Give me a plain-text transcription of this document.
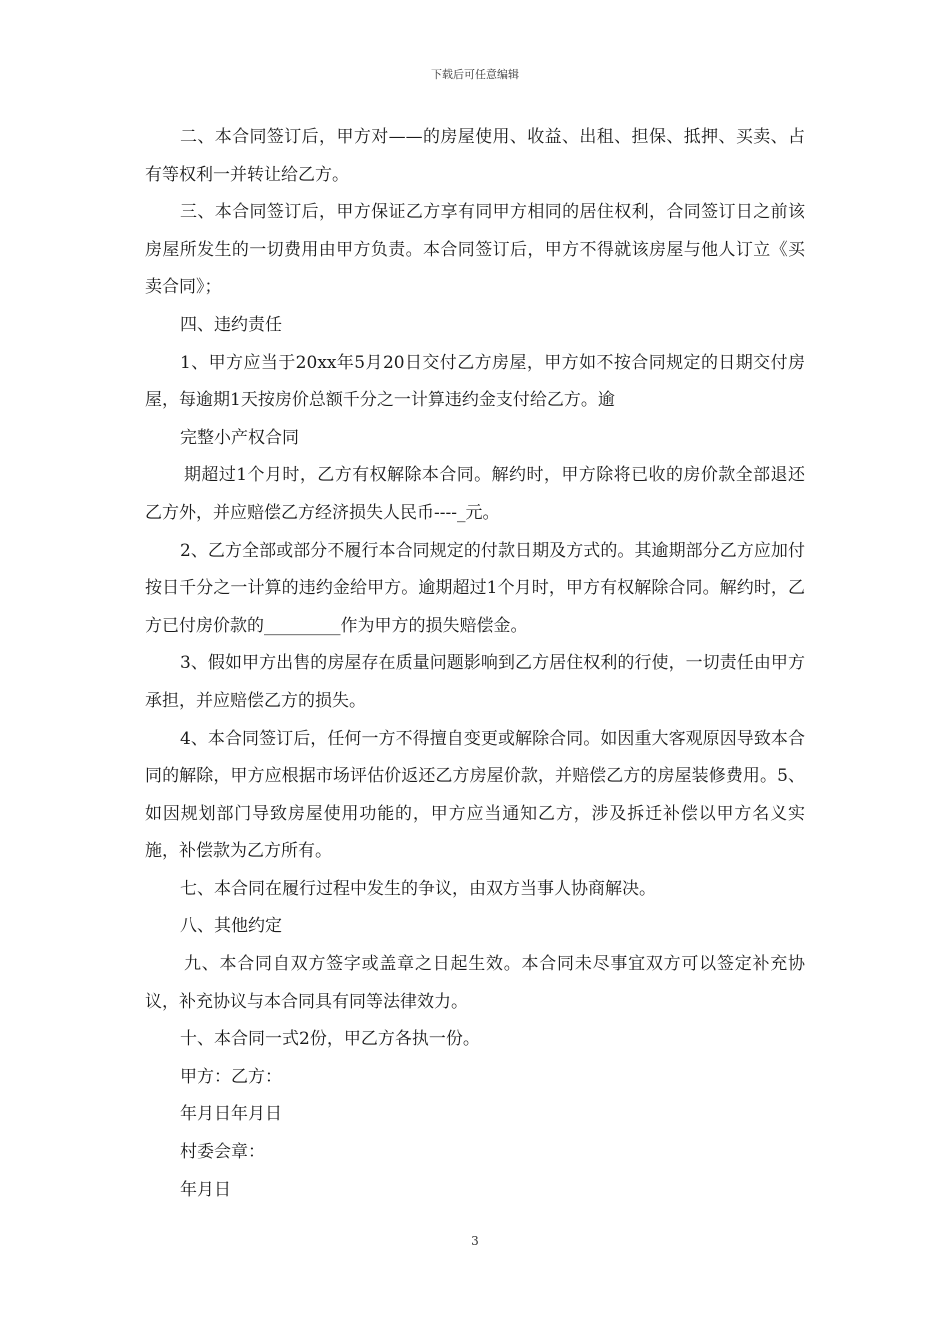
下载后可任意编辑

二、本合同签订后，甲方对——的房屋使用、收益、出租、担保、抵押、买卖、占有等权利一并转让给乙方。

三、本合同签订后，甲方保证乙方享有同甲方相同的居住权利，合同签订日之前该房屋所发生的一切费用由甲方负责。本合同签订后，甲方不得就该房屋与他人订立《买卖合同》；

四、违约责任

1、甲方应当于20xx年5月20日交付乙方房屋，甲方如不按合同规定的日期交付房屋，每逾期1天按房价总额千分之一计算违约金支付给乙方。逾

完整小产权合同

期超过1个月时，乙方有权解除本合同。解约时，甲方除将已收的房价款全部退还乙方外，并应赔偿乙方经济损失人民币----_元。

2、乙方全部或部分不履行本合同规定的付款日期及方式的。其逾期部分乙方应加付按日千分之一计算的违约金给甲方。逾期超过1个月时，甲方有权解除合同。解约时，乙方已付房价款的_________作为甲方的损失赔偿金。

3、假如甲方出售的房屋存在质量问题影响到乙方居住权利的行使，一切责任由甲方承担，并应赔偿乙方的损失。

4、本合同签订后，任何一方不得擅自变更或解除合同。如因重大客观原因导致本合同的解除，甲方应根据市场评估价返还乙方房屋价款，并赔偿乙方的房屋装修费用。5、如因规划部门导致房屋使用功能的，甲方应当通知乙方，涉及拆迁补偿以甲方名义实施，补偿款为乙方所有。

七、本合同在履行过程中发生的争议，由双方当事人协商解决。

八、其他约定

九、本合同自双方签字或盖章之日起生效。本合同未尽事宜双方可以签定补充协议，补充协议与本合同具有同等法律效力。

十、本合同一式2份，甲乙方各执一份。

甲方：乙方：

年月日年月日

村委会章：

年月日

3
